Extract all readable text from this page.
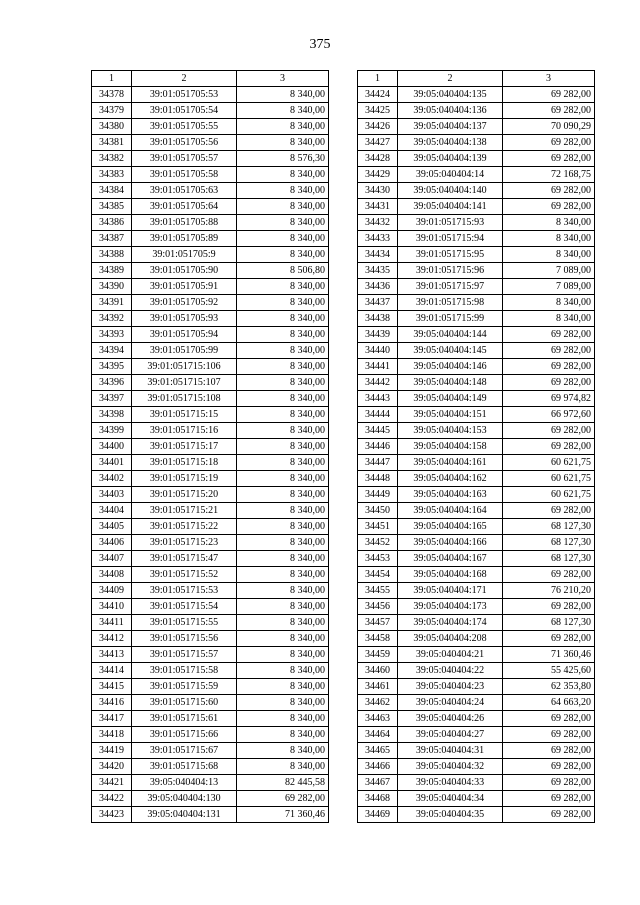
375
1	2	3
34378	39:01:051705:53	8 340,00
34379	39:01:051705:54	8 340,00
34380	39:01:051705:55	8 340,00
34381	39:01:051705:56	8 340,00
34382	39:01:051705:57	8 576,30
34383	39:01:051705:58	8 340,00
34384	39:01:051705:63	8 340,00
34385	39:01:051705:64	8 340,00
34386	39:01:051705:88	8 340,00
34387	39:01:051705:89	8 340,00
34388	39:01:051705:9	8 340,00
34389	39:01:051705:90	8 506,80
34390	39:01:051705:91	8 340,00
34391	39:01:051705:92	8 340,00
34392	39:01:051705:93	8 340,00
34393	39:01:051705:94	8 340,00
34394	39:01:051705:99	8 340,00
34395	39:01:051715:106	8 340,00
34396	39:01:051715:107	8 340,00
34397	39:01:051715:108	8 340,00
34398	39:01:051715:15	8 340,00
34399	39:01:051715:16	8 340,00
34400	39:01:051715:17	8 340,00
34401	39:01:051715:18	8 340,00
34402	39:01:051715:19	8 340,00
34403	39:01:051715:20	8 340,00
34404	39:01:051715:21	8 340,00
34405	39:01:051715:22	8 340,00
34406	39:01:051715:23	8 340,00
34407	39:01:051715:47	8 340,00
34408	39:01:051715:52	8 340,00
34409	39:01:051715:53	8 340,00
34410	39:01:051715:54	8 340,00
34411	39:01:051715:55	8 340,00
34412	39:01:051715:56	8 340,00
34413	39:01:051715:57	8 340,00
34414	39:01:051715:58	8 340,00
34415	39:01:051715:59	8 340,00
34416	39:01:051715:60	8 340,00
34417	39:01:051715:61	8 340,00
34418	39:01:051715:66	8 340,00
34419	39:01:051715:67	8 340,00
34420	39:01:051715:68	8 340,00
34421	39:05:040404:13	82 445,58
34422	39:05:040404:130	69 282,00
34423	39:05:040404:131	71 360,46
1	2	3
34424	39:05:040404:135	69 282,00
34425	39:05:040404:136	69 282,00
34426	39:05:040404:137	70 090,29
34427	39:05:040404:138	69 282,00
34428	39:05:040404:139	69 282,00
34429	39:05:040404:14	72 168,75
34430	39:05:040404:140	69 282,00
34431	39:05:040404:141	69 282,00
34432	39:01:051715:93	8 340,00
34433	39:01:051715:94	8 340,00
34434	39:01:051715:95	8 340,00
34435	39:01:051715:96	7 089,00
34436	39:01:051715:97	7 089,00
34437	39:01:051715:98	8 340,00
34438	39:01:051715:99	8 340,00
34439	39:05:040404:144	69 282,00
34440	39:05:040404:145	69 282,00
34441	39:05:040404:146	69 282,00
34442	39:05:040404:148	69 282,00
34443	39:05:040404:149	69 974,82
34444	39:05:040404:151	66 972,60
34445	39:05:040404:153	69 282,00
34446	39:05:040404:158	69 282,00
34447	39:05:040404:161	60 621,75
34448	39:05:040404:162	60 621,75
34449	39:05:040404:163	60 621,75
34450	39:05:040404:164	69 282,00
34451	39:05:040404:165	68 127,30
34452	39:05:040404:166	68 127,30
34453	39:05:040404:167	68 127,30
34454	39:05:040404:168	69 282,00
34455	39:05:040404:171	76 210,20
34456	39:05:040404:173	69 282,00
34457	39:05:040404:174	68 127,30
34458	39:05:040404:208	69 282,00
34459	39:05:040404:21	71 360,46
34460	39:05:040404:22	55 425,60
34461	39:05:040404:23	62 353,80
34462	39:05:040404:24	64 663,20
34463	39:05:040404:26	69 282,00
34464	39:05:040404:27	69 282,00
34465	39:05:040404:31	69 282,00
34466	39:05:040404:32	69 282,00
34467	39:05:040404:33	69 282,00
34468	39:05:040404:34	69 282,00
34469	39:05:040404:35	69 282,00
